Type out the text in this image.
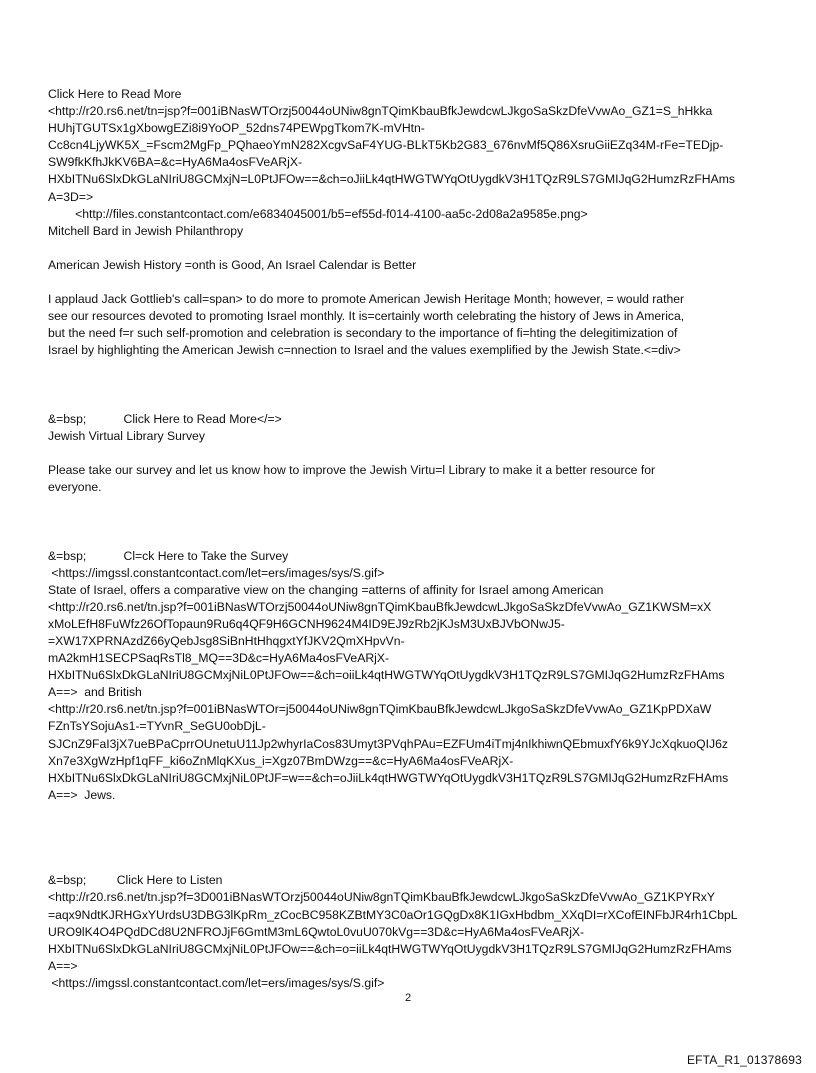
Click Here to Read More
<http://r20.rs6.net/tn=jsp?f=001iBNasWTOrzj50044oUNiw8gnTQimKbauBfkJewdcwLJkgoSaSkzDfeVvwAo_GZ1=S_hHkka
HUhjTGUTSx1gXbowgEZi8i9YoOP_52dns74PEWpgTkom7K-mVHtn-
Cc8cn4LjyWK5X_=Fscm2MgFp_PQhaeoYmN282XcgvSaF4YUG-BLkT5Kb2G83_676nvMf5Q86XsruGiiEZq34M-rFe=TEDjp-
SW9fkKfhJkKV6BA=&c=HyA6Ma4osFVeARjX-
HXbITNu6SlxDkGLaNIriU8GCMxjN=L0PtJFOw==&ch=oJiiLk4qtHWGTWYqOtUygdkV3H1TQzR9LS7GMIJqG2HumzRzFHAms
A=3D=>
<http://files.constantcontact.com/e6834045001/b5=ef55d-f014-4100-aa5c-2d08a2a9585e.png>
Mitchell Bard in Jewish Philanthropy
American Jewish History =onth is Good, An Israel Calendar is Better
I applaud Jack Gottlieb's call=span> to do more to promote American Jewish Heritage Month; however, = would rather
see our resources devoted to promoting Israel monthly. It is=certainly worth celebrating the history of Jews in America,
but the need f=r such self-promotion and celebration is secondary to the importance of fi=hting the delegitimization of
Israel by highlighting the American Jewish c=nnection to Israel and the values exemplified by the Jewish State.<=div>
&=bsp;           Click Here to Read More</=>
Jewish Virtual Library Survey
Please take our survey and let us know how to improve the Jewish Virtu=l Library to make it a better resource for
everyone.
&=bsp;           Cl=ck Here to Take the Survey
<https://imgssl.constantcontact.com/let=ers/images/sys/S.gif>
State of Israel, offers a comparative view on the changing =atterns of affinity for Israel among American
<http://r20.rs6.net/tn.jsp?f=001iBNasWTOrzj50044oUNiw8gnTQimKbauBfkJewdcwLJkgoSaSkzDfeVvwAo_GZ1KWSM=xX
xMoLEfH8FuWfz26OfTopaun9Ru6q4QF9H6GCNH9624M4ID9EJ9zRb2jKJsM3UxBJVbONwJ5-
=XW17XPRNAzdZ66yQebJsg8SiBnHtHhqgxtYfJKV2QmXHpvVn-
mA2kmH1SECPSaqRsTl8_MQ==3D&c=HyA6Ma4osFVeARjX-
HXbITNu6SlxDkGLaNIriU8GCMxjNiL0PtJFOw==&ch=oiiLk4qtHWGTWYqOtUygdkV3H1TQzR9LS7GMIJqG2HumzRzFHAms
A==>  and British
<http://r20.rs6.net/tn.jsp?f=001iBNasWTOr=j50044oUNiw8gnTQimKbauBfkJewdcwLJkgoSaSkzDfeVvwAo_GZ1KpPDXaW
FZnTsYSojuAs1-=TYvnR_SeGU0obDjL-
SJCnZ9FaI3jX7ueBPaCprrOUnetuU11Jp2whyrIaCos83Umyt3PVqhPAu=EZFUm4iTmj4nIkhiwnQEbmuxfY6k9YJcXqkuoQIJ6z
Xn7e3XgWzHpf1qFF_ki6oZnMlqKXus_i=Xgz07BmDWzg==&c=HyA6Ma4osFVeARjX-
HXbITNu6SlxDkGLaNIriU8GCMxjNiL0PtJF=w==&ch=oJiiLk4qtHWGTWYqOtUygdkV3H1TQzR9LS7GMIJqG2HumzRzFHAms
A==>  Jews.
&=bsp;         Click Here to Listen
<http://r20.rs6.net/tn.jsp?f=3D001iBNasWTOrzj50044oUNiw8gnTQimKbauBfkJewdcwLJkgoSaSkzDfeVvwAo_GZ1KPYRxY
=aqx9NdtKJRHGxYUrdsU3DBG3lKpRm_zCocBC958KZBtMY3C0aOr1GQgDx8K1IGxHbdbm_XXqDI=rXCofEINFbJR4rh1CbpL
URO9lK4O4PQdDCd8U2NFROJjF6GmtM3mL6QwtoL0vuU070kVg==3D&c=HyA6Ma4osFVeARjX-
HXbITNu6SlxDkGLaNIriU8GCMxjNiL0PtJFOw==&ch=o=iiLk4qtHWGTWYqOtUygdkV3H1TQzR9LS7GMIJqG2HumzRzFHAms
A==>
<https://imgssl.constantcontact.com/let=ers/images/sys/S.gif>
2
EFTA_R1_01378693
